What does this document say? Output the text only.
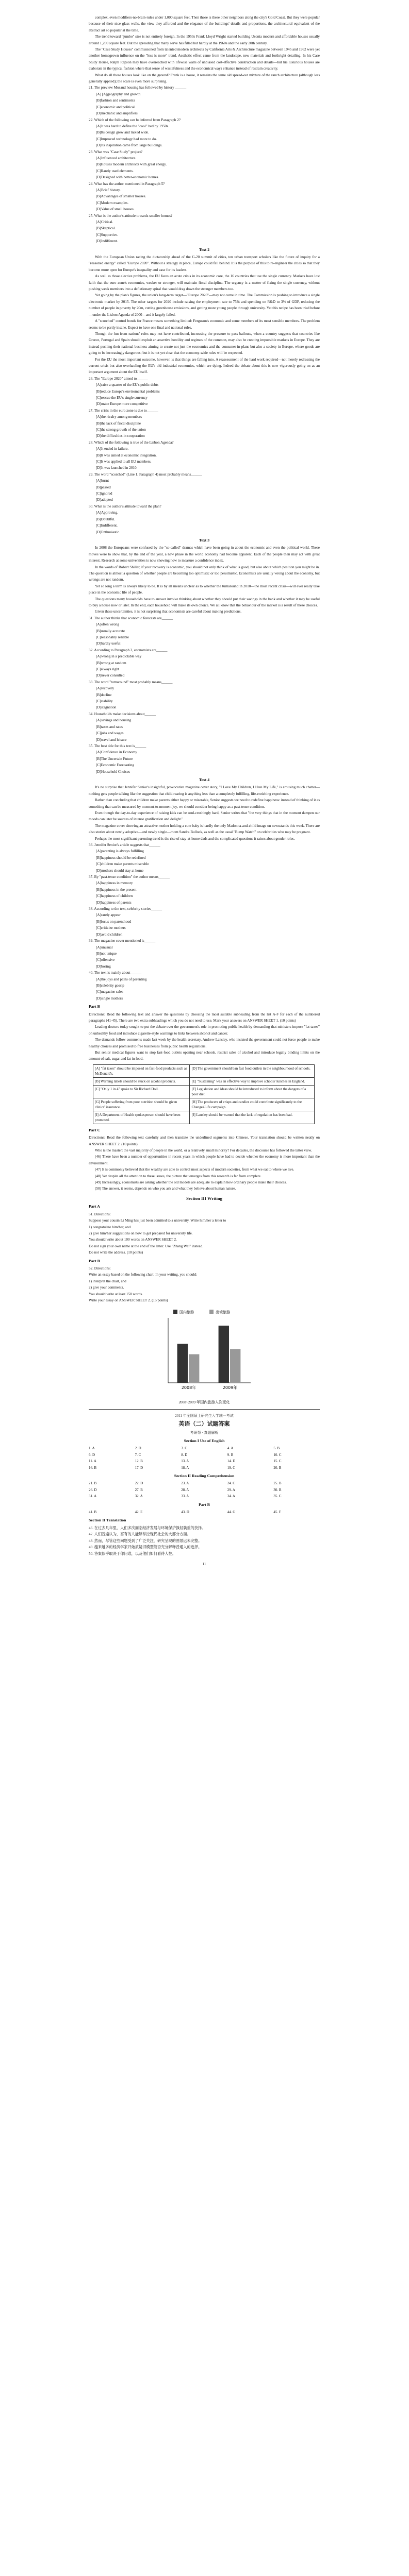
complex, even modifiers-no-brain-rules under 1,000 square feet, Then those is these other neighbors along the city's Gold Coast. But they were popular because of their nice glass walls, the view they afforded and the elegance of the buildings' details and proportions, the architectural equivalent of the abstract art so popular at the time.

The trend toward "jumbo" size is not entirely foreign. In the 1950s Frank Lloyd Wright started building Usonia modern and affordable houses usually around 1,200 square feet. But the spreading that many serve has filled but hardly at the 1960s and the early 20th century.

The "Case Study Houses" commissioned from talented modern architects by California Arts & Architecture magazine between 1945 and 1962 were yet another homegrown influence on the "less is more" trend. Aesthetic effect came from the landscape, new materials and forthright detailing. In his Case Study House, Ralph Rapson may have overreached with lifewise walls of unbiased cost-effective construction and details—but his luxurious houses are elaborate in the typical fashion where that sense of wastefulness and the economical ways enhance instead of restrain creativity.

What do all these houses look like on the ground? Frank is a house, it remains the same old spread-out mixture of the ranch architecture (although less generally applied); the scale is even more surprising.

21. The preview Mosaud housing has followed by history ______

[A] [A]geography and growth

[B]fashion and sentiments

[C]economic and political

[D]mechanic and amplifiers

22. Which of the following can be inferred from Paragraph 2?

[A]It was hard to define the "cool" bed by 1950s.

[B]Its design grew and mixed wide.

[C]Improved technology had more to do.

[D]Its inspiration came from large buildings.

23. What was "Case Study" project?

[A]Influenced architecture.

[B]Houses modern architects with great energy.

[C]Rarely used elements.

[D]Designed with better-economic homes.

24. What has the author mentioned in Paragraph 5?

[A]Brief history.

[B]Advantages of smaller houses.

[C]Modern examples.

[D]Value of small houses.

25. What is the author's attitude towards smaller homes?

[A]Critical.

[B]Skeptical.

[C]Supportive.

[D]Indifferent.

Text 2

With the European Union racing the dictatorship ahead of the G-20 summit of cities, ten urban transport scholars like the future of inquiry for a "reasoned energy" called "Europe 2020". Without a strategy in place, Europe could fall behind. It is the purpose of this to re-engineer the cities so that they become more open for Europe's inequality and ease for its leaders.

As well as those elective problems, the EU faces an acute crisis in its economic core, the 16 countries that use the single currency. Markets have lost faith that the euro zone's economies, weaker or stronger, will maintain fiscal discipline. The urgency is a matter of fixing the single currency, without pushing weak members into a deflationary spiral that would drag down the stronger members too.

Yet going by the plan's figures, the union's long-term target—"Europe 2020"—may not come in time. The Commission is pushing to introduce a single electronic market by 2015. The other targets for 2020 include raising the employment rate to 75% and spending on R&D to 3% of GDP, reducing the number of people in poverty by 20m, cutting greenhouse emissions, and getting more young people through university. Yet this recipe has been tried before—under the Lisbon Agenda of 2000—and it largely failed.

A "scorched" control bonds for France means something limited: Ferguson's economic and some members of its most sensible members. The problem seems to be partly insane. Expect to have one final and national rules.

Though the fun from nations' rules may not have contributed, increasing the pressure to pass bailouts, when a country suggests that countries like Greece, Portugal and Spain should exploit an assertive hostility and regimes of the common, may also be creating impossible markets in Europe. They are instead pushing their national business aiming to create not just the economics and the consumer-in-plans but also a society in Europe, where goods are going to be increasingly dangerous; but it is not yet clear that the economy-wide rules will be respected.

For the EU the most important outcome, however, is that things are falling into. A reassessment of the hard work required—not merely redressing the current crisis but also overhauling the EU's old industrial economies, which are dying. Indeed the debate about this is now vigorously going on as an important argument about the EU itself.

26. The "Europe 2020" aimed to______

[A]raise a quarter of the EU's public debts

[B]reduce Europe's enviromental problems

[C]rescue the EU's single currency

[D]make Europe more competitive

27. The crisis in the euro zone is due to______

[A]the rivalry among members

[B]the lack of fiscal discipline

[C]the strong growth of the union

[D]the difficulties in cooperation

28. Which of the following is true of the Lisbon Agenda?

[A]It ended in failure.

[B]It was aimed at economic integration.

[C]It was applied to all EU members.

[D]It was launched in 2010.

29. The word "scorched" (Line 1, Paragraph 4) most probably means______

[A]burnt

[B]passed

[C]ignored

[D]adopted

30. What is the author's attitude toward the plan?

[A]Approving.

[B]Doubtful.

[C]Indifferent.

[D]Enthusiastic.

Text 3

In 2008 the Europeans were confused by the "so-called" dramas which have been going in about the economic and even the political world. These moves were to show that, by the end of the year, a new phase in the world economy had become apparent. Each of the people then may act with great interest. Research at some universities is now showing how to measure a confidence index.

In the words of Robert Shiller, if your recovery is economic, you should not only think of what is good, but also about which position you might be in. The question is almost a question of whether people are becoming too optimistic or too pessimistic. Economists are usually wrong about the economy, but wrongs are not random.

Yet so long a term is always likely to be. It is by all means unclear as to whether the turnaround in 2010—the most recent crisis—will ever really take place in the economic life of people.

The questions many households have to answer involve thinking about whether they should put their savings in the bank and whether it may be useful to buy a house now or later. In the end, each household will make its own choice. We all know that the behaviour of the market is a result of these choices.

Given these uncertainties, it is not surprising that economists are careful about making predictions.

31. The author thinks that economic forecasts are______

[A]often wrong

[B]usually accurate

[C]reasonably reliable

[D]hardly useful

32. According to Paragraph 2, economists are______

[A]wrong in a predictable way

[B]wrong at random

[C]always right

[D]never consulted

33. The word "turnaround" most probably means______

[A]recovery

[B]decline

[C]stability

[D]stagnation

34. Households make decisions about______

[A]savings and housing

[B]taxes and rates

[C]jobs and wages

[D]travel and leisure

35. The best title for this text is______

[A]Confidence in Economy

[B]The Uncertain Future

[C]Economic Forecasting

[D]Household Choices

Text 4

It's no surprise that Jennifer Senior's insightful, provocative magazine cover story, "I Love My Children, I Hate My Life," is arousing much chatter—nothing gets people talking like the suggestion that child rearing is anything less than a completely fulfilling, life-enriching experience.

Rather than concluding that children make parents either happy or miserable, Senior suggests we need to redefine happiness: instead of thinking of it as something that can be measured by moment-to-moment joy, we should consider being happy as a past-tense condition.

Even though the day-to-day experience of raising kids can be soul-crushingly hard, Senior writes that "the very things that in the moment dampen our moods can later be sources of intense gratification and delight."

The magazine cover showing an attractive mother holding a cute baby is hardly the only Madonna-and-child image on newsstands this week. There are also stories about newly adoptive—and newly single—mom Sandra Bullock, as well as the usual "Bump Watch" on celebrities who may be pregnant.

Perhaps the most significant parenting trend is the rise of stay-at-home dads and the complicated questions it raises about gender roles.

36. Jennifer Senior's article suggests that______

[A]parenting is always fulfilling

[B]happiness should be redefined

[C]children make parents miserable

[D]mothers should stay at home

37. By "past-tense condition" the author means______

[A]happiness in memory

[B]happiness in the present

[C]happiness of children

[D]happiness of parents

38. According to the text, celebrity stories______

[A]rarely appear

[B]focus on parenthood

[C]criticize mothers

[D]avoid children

39. The magazine cover mentioned is______

[A]unusual

[B]not unique

[C]offensive

[D]boring

40. The text is mainly about______

[A]the joys and pains of parenting

[B]celebrity gossip

[C]magazine sales

[D]single mothers

Part B

Directions: Read the following text and answer the questions by choosing the most suitable subheading from the list A-F for each of the numbered paragraphs (41-45). There are two extra subheadings which you do not need to use. Mark your answers on ANSWER SHEET 1. (10 points)

Leading doctors today sought to put the debate over the government's role in promoting public health by demanding that ministers impose "fat taxes" on unhealthy food and introduce cigarette-style warnings to links between alcohol and cancer.

The demands follow comments made last week by the health secretary, Andrew Lansley, who insisted the government could not force people to make healthy choices and promised to free businesses from public health regulations.

But senior medical figures want to stop fast-food outlets opening near schools, restrict sales of alcohol and introduce legally binding limits on the amount of salt, sugar and fat in food.

[A] "fat taxes" should be imposed on fast-food products such as McDonald's.	[D] The government should ban fast food outlets in the neighbourhood of schools.
[B] Warning labels should be stuck on alcohol products.	[E] "Sustaining" was an effective way to improve schools' lunches in England.
[C] "Only 1 in 4" spoke to Sir Richard Doll.	[F] Legislation and ideas should be introduced to inform about the dangers of a poor diet.
[G] People suffering from poor nutrition should be given clinics' insurance.	[H] The producers of crisps and candies could contribute significantly to the Change4Life campaign.
[I] A Department of Health spokesperson should have been promoted.	[J] Lansley should be warned that the lack of regulation has been bad.

Part C

Directions: Read the following text carefully and then translate the underlined segments into Chinese. Your translation should be written neatly on ANSWER SHEET 2. (10 points)

Who is the master: the vast majority of people in the world, or a relatively small minority? For decades, the discourse has followed the latter view.

(46) There have been a number of opportunities in recent years in which people have had to decide whether the economy is more important than the environment.

(47) It is commonly believed that the wealthy are able to control most aspects of modern societies, from what we eat to where we live.

(48) Yet despite all the attention to these issues, the picture that emerges from this research is far from complete.

(49) Increasingly, economists are asking whether the old models are adequate to explain how ordinary people make their choices.

(50) The answer, it seems, depends on who you ask and what they believe about human nature.

Section III Writing

Part A

51. Directions:

Suppose your cousin Li Ming has just been admitted to a university. Write him/her a letter to

1) congratulate him/her, and

2) give him/her suggestions on how to get prepared for university life.

You should write about 100 words on ANSWER SHEET 2.

Do not sign your own name at the end of the letter. Use "Zhang Wei" instead.

Do not write the address. (10 points)

Part B

52. Directions:

Write an essay based on the following chart. In your writing, you should:

1) interpret the chart, and

2) give your comments.

You should write at least 150 words.

Write your essay on ANSWER SHEET 2. (15 points)

2008年	2009年
国内旅游	出境旅游

2008~2009 年国内旅游人次变化

2011 年全国硕士研究生入学统一考试

英语（二）试题答案

考研帮 · 真题解析

Section I Use of English

1. A	2. D	3. C	4. A	5. B
6. D	7. C	8. D	9. B	10. C
11. A	12. B	13. A	14. D	15. C
16. B	17. D	18. A	19. C	20. B

Section II Reading Comprehension

21. B	22. D	23. A	24. C	25. B
26. D	27. B	28. A	29. A	30. B
31. A	32. A	33. A	34. A	35. C

Part B

41. B	42. E	43. D	44. G	45. F

Section II Translation

46. 在过去几年里，人们多次面临经济发展与环境保护孰轻孰重的抉择。

47. 人们普遍认为，富有的人能够掌控现代社会的大部分方面。

48. 然而，尽管这些问题受到了广泛关注，研究呈现的图景远未完整。

49. 越来越多的经济学家开始质疑旧模型能否充分解释普通人的选择。

50. 答案似乎取决于你问谁，以及他们如何看待人性。

11
